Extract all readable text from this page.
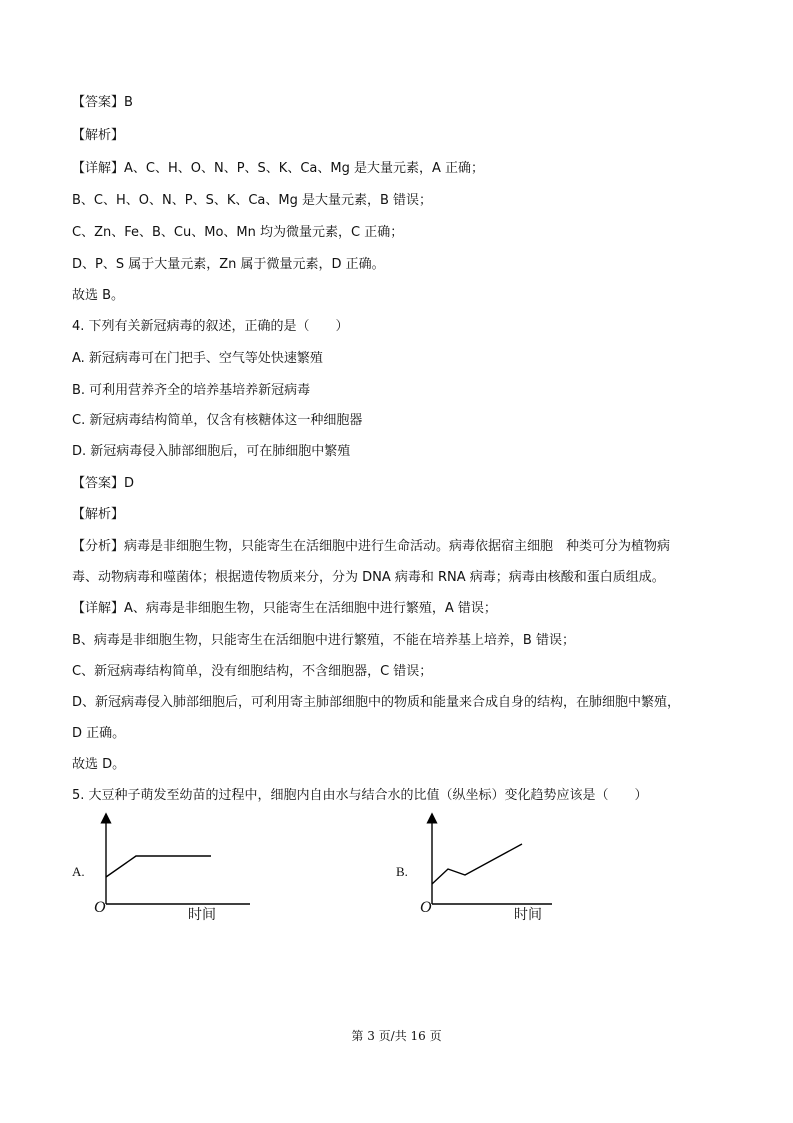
【答案】B
【解析】
【详解】A、C、H、O、N、P、S、K、Ca、Mg 是大量元素，A 正确；
B、C、H、O、N、P、S、K、Ca、Mg 是大量元素，B 错误；
C、Zn、Fe、B、Cu、Mo、Mn 均为微量元素，C 正确；
D、P、S 属于大量元素，Zn 属于微量元素，D 正确。
故选 B。
4. 下列有关新冠病毒的叙述，正确的是（　　）
A. 新冠病毒可在门把手、空气等处快速繁殖
B. 可利用营养齐全的培养基培养新冠病毒
C. 新冠病毒结构简单，仅含有核糖体这一种细胞器
D. 新冠病毒侵入肺部细胞后，可在肺细胞中繁殖
【答案】D
【解析】
【分析】病毒是非细胞生物，只能寄生在活细胞中进行生命活动。病毒依据宿主细胞　种类可分为植物病
毒、动物病毒和噬菌体；根据遗传物质来分，分为 DNA 病毒和 RNA 病毒；病毒由核酸和蛋白质组成。
【详解】A、病毒是非细胞生物，只能寄生在活细胞中进行繁殖，A 错误；
B、病毒是非细胞生物，只能寄生在活细胞中进行繁殖，不能在培养基上培养，B 错误；
C、新冠病毒结构简单，没有细胞结构，不含细胞器，C 错误；
D、新冠病毒侵入肺部细胞后，可利用寄主肺部细胞中的物质和能量来合成自身的结构，在肺细胞中繁殖，
D 正确。
故选 D。
5. 大豆种子萌发至幼苗的过程中，细胞内自由水与结合水的比值（纵坐标）变化趋势应该是（　　）
A.
O	时间
B.
O	时间
第 3 页/共 16 页
